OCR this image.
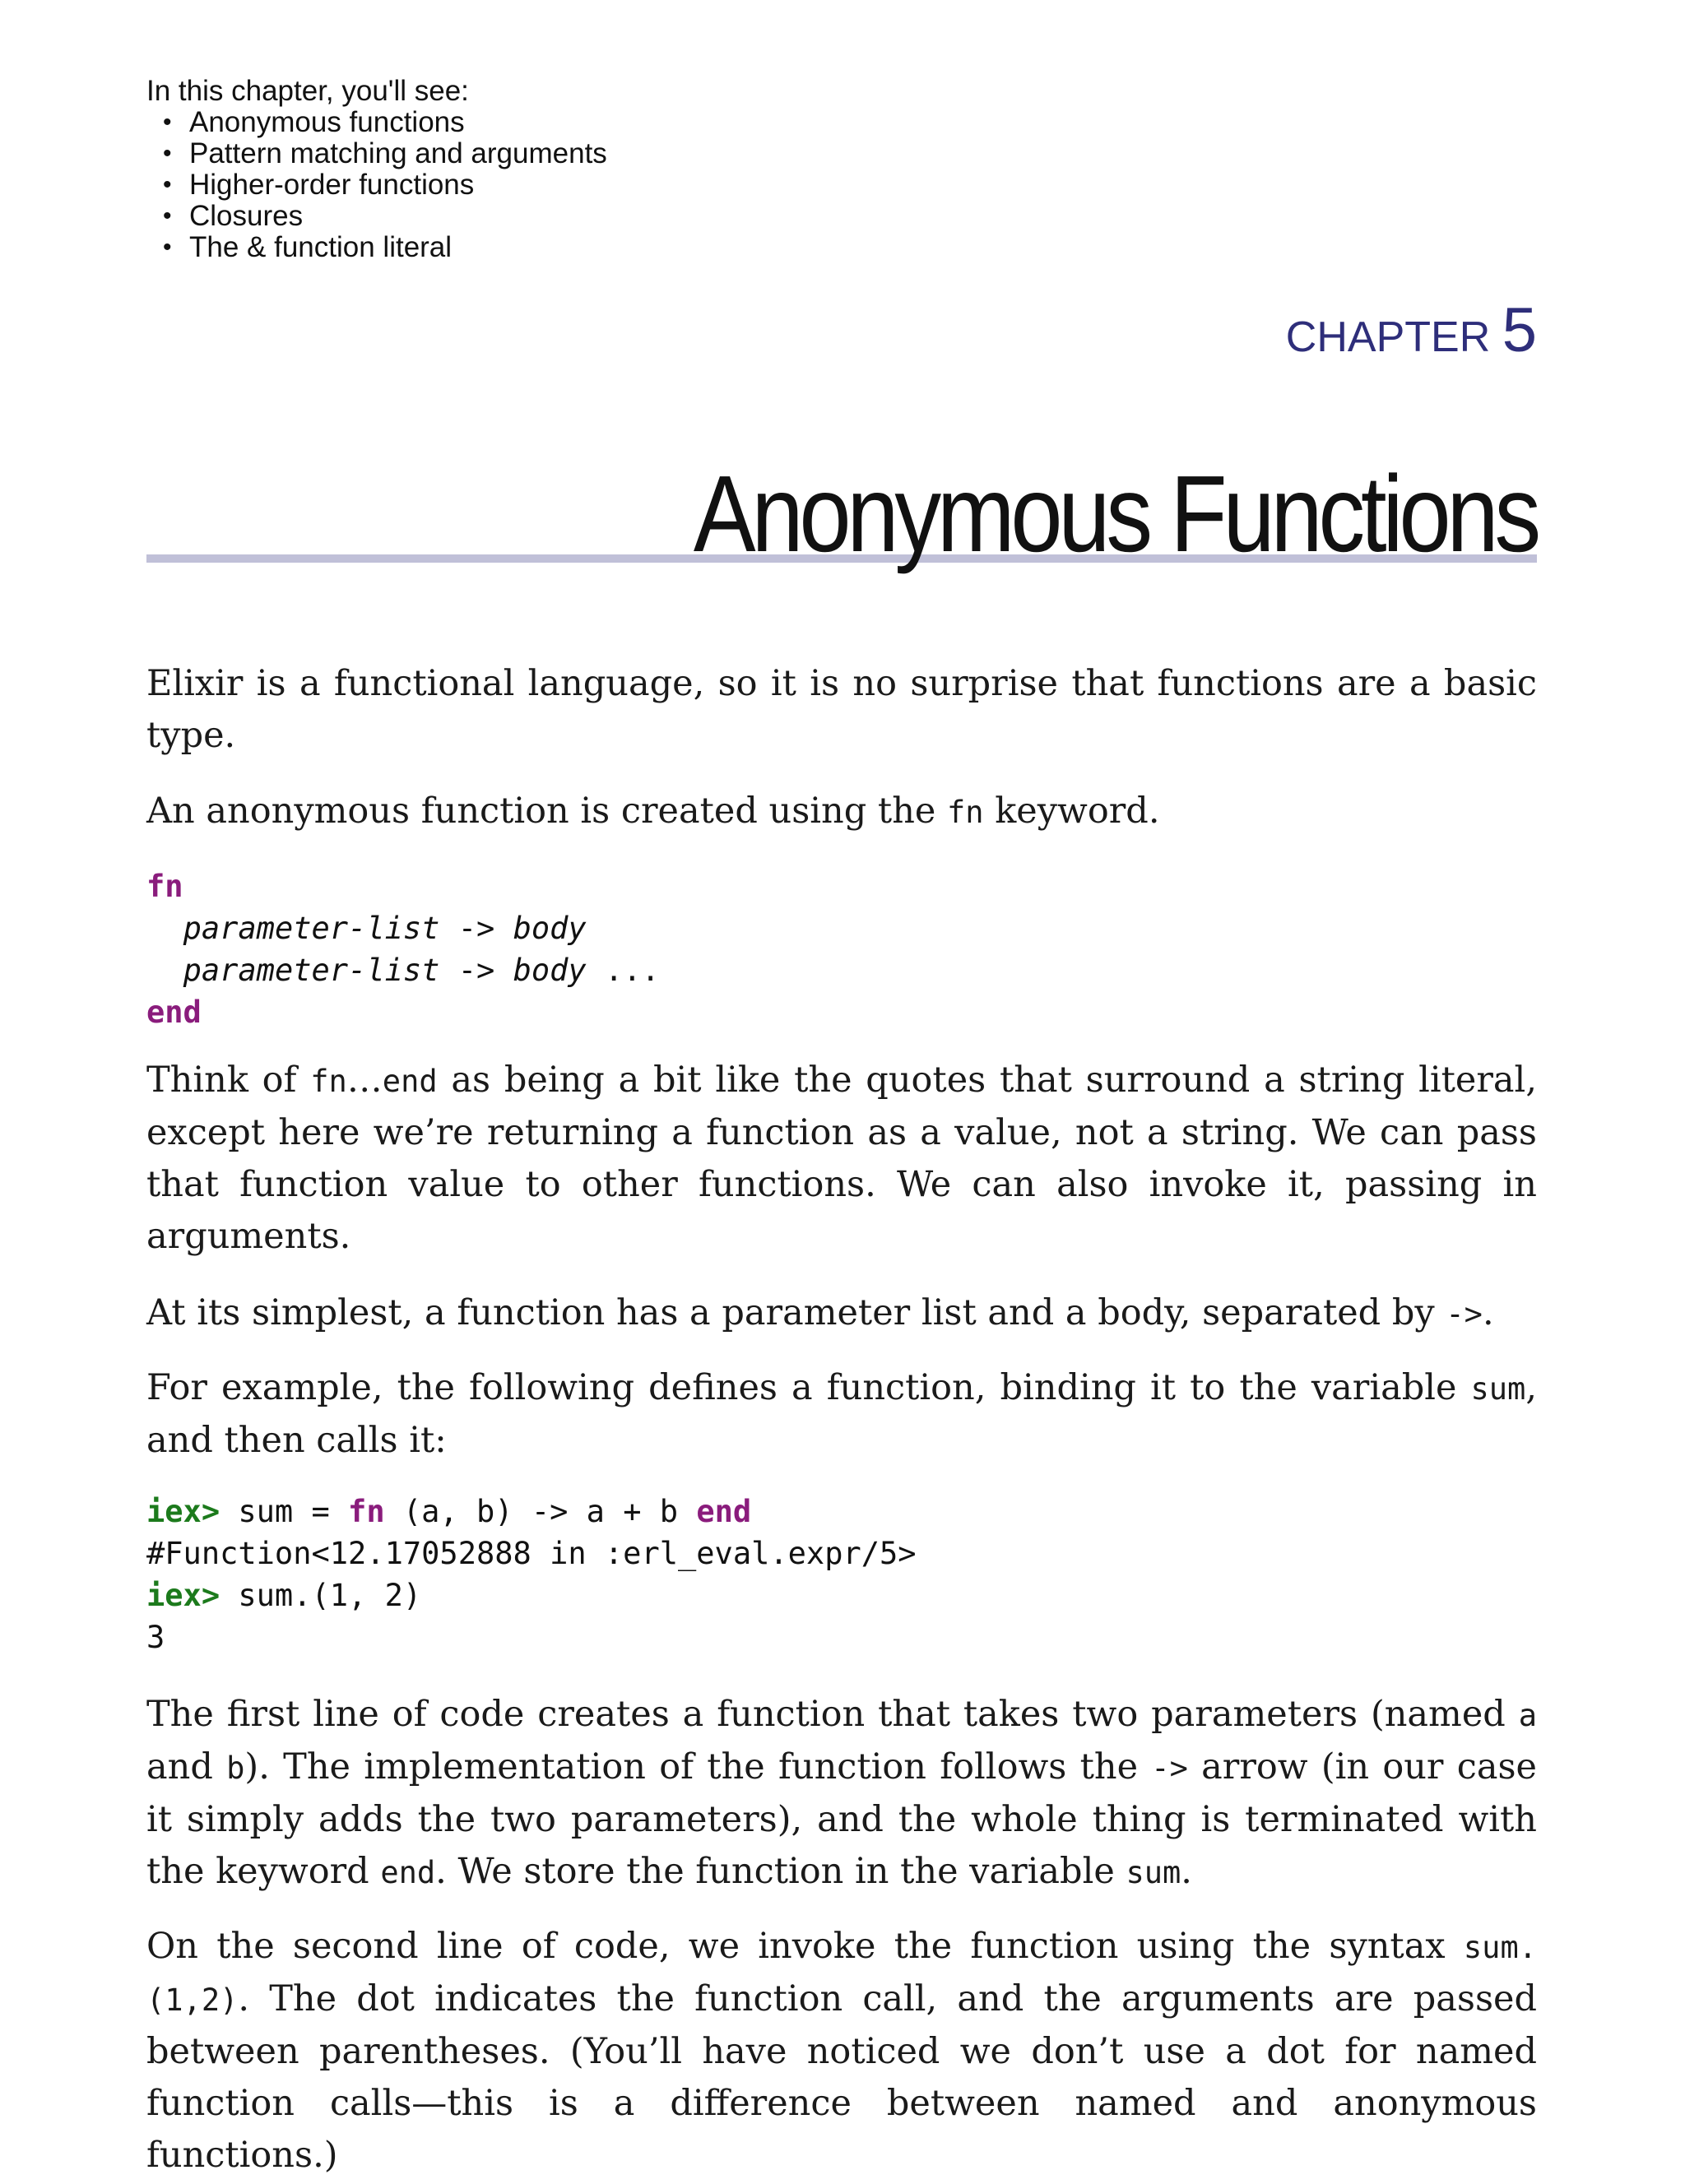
In this chapter, you'll see:

• Anonymous functions
• Pattern matching and arguments
• Higher-order functions
• Closures
• The & function literal
CHAPTER 5
Anonymous Functions

Elixir is a functional language, so it is no surprise that functions are a basic type.

An anonymous function is created using the fn keyword.

fn
parameter-list -> body
parameter-list -> body ...
end

Think of fn…end as being a bit like the quotes that surround a string literal, except here we’re returning a function as a value, not a string. We can pass that function value to other functions. We can also invoke it, passing in arguments.

At its simplest, a function has a parameter list and a body, separated by ->.

For example, the following defines a function, binding it to the variable sum, and then calls it:

iex> sum = fn (a, b) -> a + b end
#Function<12.17052888 in :erl_eval.expr/5>
iex> sum.(1, 2)
3

The first line of code creates a function that takes two parameters (named a and b). The implementation of the function follows the -> arrow (in our case it simply adds the two parameters), and the whole thing is terminated with the keyword end. We store the function in the variable sum.

On the second line of code, we invoke the function using the syntax sum.(1,2). The dot indicates the function call, and the arguments are passed between parentheses. (You’ll have noticed we don’t use a dot for named function calls—this is a difference between named and anonymous functions.)
